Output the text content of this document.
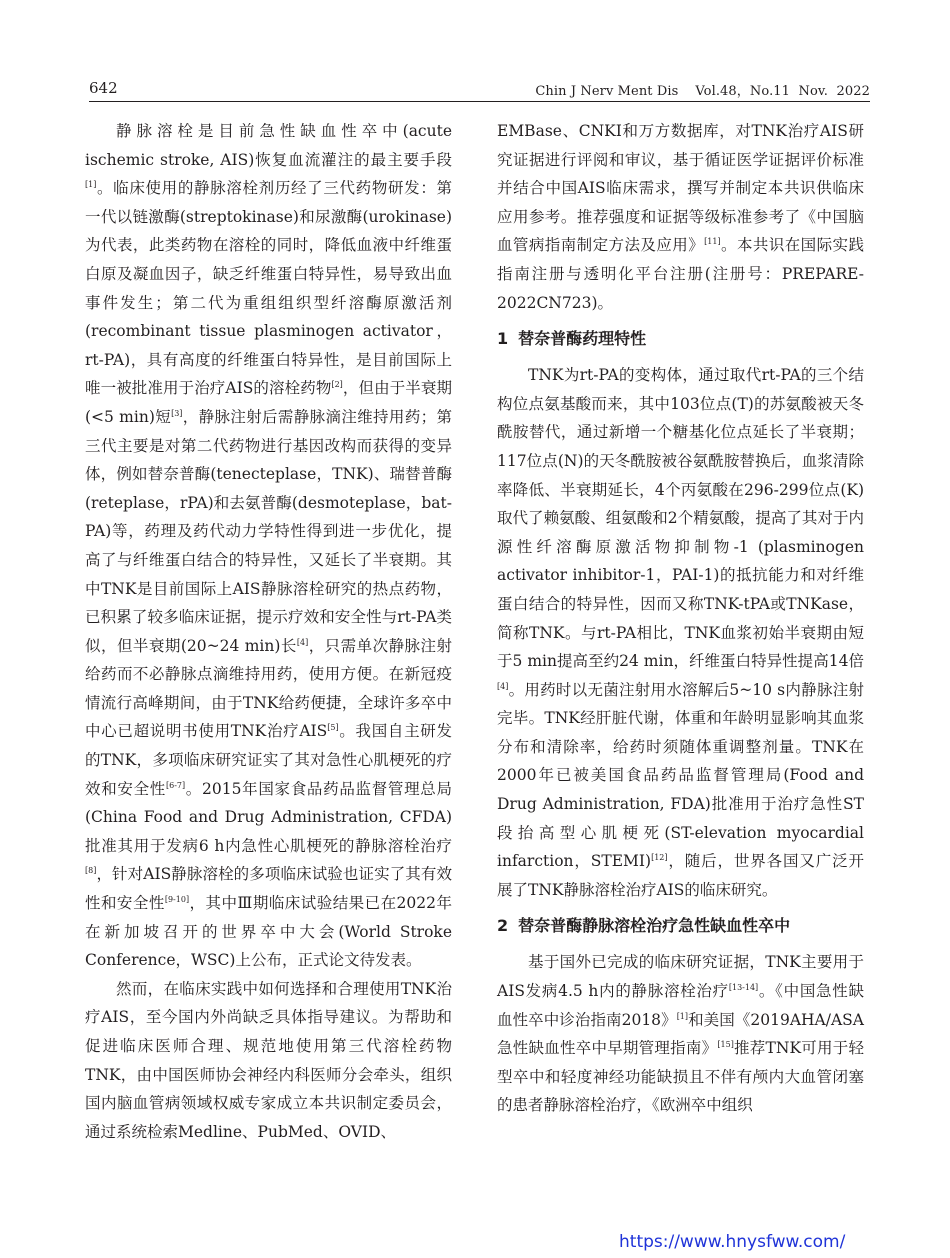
642	Chin J Nerv Ment Dis    Vol.48，No.11  Nov.  2022

静脉溶栓是目前急性缺血性卒中(acute ischemic stroke, AIS)恢复血流灌注的最主要手段[1]。临床使用的静脉溶栓剂历经了三代药物研发：第一代以链激酶(streptokinase)和尿激酶(urokinase)为代表，此类药物在溶栓的同时，降低血液中纤维蛋白原及凝血因子，缺乏纤维蛋白特异性，易导致出血事件发生；第二代为重组组织型纤溶酶原激活剂(recombinant tissue plasminogen activator，rt-PA)，具有高度的纤维蛋白特异性，是目前国际上唯一被批准用于治疗AIS的溶栓药物[2]，但由于半衰期(<5 min)短[3]，静脉注射后需静脉滴注维持用药；第三代主要是对第二代药物进行基因改构而获得的变异体，例如替奈普酶(tenecteplase，TNK)、瑞替普酶(reteplase，rPA)和去氨普酶(desmoteplase，bat-PA)等，药理及药代动力学特性得到进一步优化，提高了与纤维蛋白结合的特异性，又延长了半衰期。其中TNK是目前国际上AIS静脉溶栓研究的热点药物，已积累了较多临床证据，提示疗效和安全性与rt-PA类似，但半衰期(20~24 min)长[4]，只需单次静脉注射给药而不必静脉点滴维持用药，使用方便。在新冠疫情流行高峰期间，由于TNK给药便捷，全球许多卒中中心已超说明书使用TNK治疗AIS[5]。我国自主研发的TNK，多项临床研究证实了其对急性心肌梗死的疗效和安全性[6-7]。2015年国家食品药品监督管理总局(China Food and Drug Administration, CFDA)批准其用于发病6 h内急性心肌梗死的静脉溶栓治疗[8]，针对AIS静脉溶栓的多项临床试验也证实了其有效性和安全性[9-10]，其中Ⅲ期临床试验结果已在2022年在新加坡召开的世界卒中大会(World Stroke Conference，WSC)上公布，正式论文待发表。

然而，在临床实践中如何选择和合理使用TNK治疗AIS，至今国内外尚缺乏具体指导建议。为帮助和促进临床医师合理、规范地使用第三代溶栓药物TNK，由中国医师协会神经内科医师分会牵头，组织国内脑血管病领域权威专家成立本共识制定委员会，通过系统检索Medline、PubMed、OVID、

EMBase、CNKI和万方数据库，对TNK治疗AIS研究证据进行评阅和审议，基于循证医学证据评价标准并结合中国AIS临床需求，撰写并制定本共识供临床应用参考。推荐强度和证据等级标准参考了《中国脑血管病指南制定方法及应用》[11]。本共识在国际实践指南注册与透明化平台注册(注册号：PREPARE-2022CN723)。

1 替奈普酶药理特性

TNK为rt-PA的变构体，通过取代rt-PA的三个结构位点氨基酸而来，其中103位点(T)的苏氨酸被天冬酰胺替代，通过新增一个糖基化位点延长了半衰期；117位点(N)的天冬酰胺被谷氨酰胺替换后，血浆清除率降低、半衰期延长，4个丙氨酸在296-299位点(K)取代了赖氨酸、组氨酸和2个精氨酸，提高了其对于内源性纤溶酶原激活物抑制物-1 (plasminogen activator inhibitor-1，PAI-1)的抵抗能力和对纤维蛋白结合的特异性，因而又称TNK-tPA或TNKase，简称TNK。与rt-PA相比，TNK血浆初始半衰期由短于5 min提高至约24 min，纤维蛋白特异性提高14倍[4]。用药时以无菌注射用水溶解后5~10 s内静脉注射完毕。TNK经肝脏代谢，体重和年龄明显影响其血浆分布和清除率，给药时须随体重调整剂量。TNK在2000年已被美国食品药品监督管理局(Food and Drug Administration, FDA)批准用于治疗急性ST段抬高型心肌梗死(ST-elevation myocardial infarction，STEMI)[12]，随后，世界各国又广泛开展了TNK静脉溶栓治疗AIS的临床研究。

2 替奈普酶静脉溶栓治疗急性缺血性卒中

基于国外已完成的临床研究证据，TNK主要用于AIS发病4.5 h内的静脉溶栓治疗[13-14]。《中国急性缺血性卒中诊治指南2018》[1]和美国《2019AHA/ASA急性缺血性卒中早期管理指南》[15]推荐TNK可用于轻型卒中和轻度神经功能缺损且不伴有颅内大血管闭塞的患者静脉溶栓治疗，《欧洲卒中组织

https://www.hnysfww.com/
